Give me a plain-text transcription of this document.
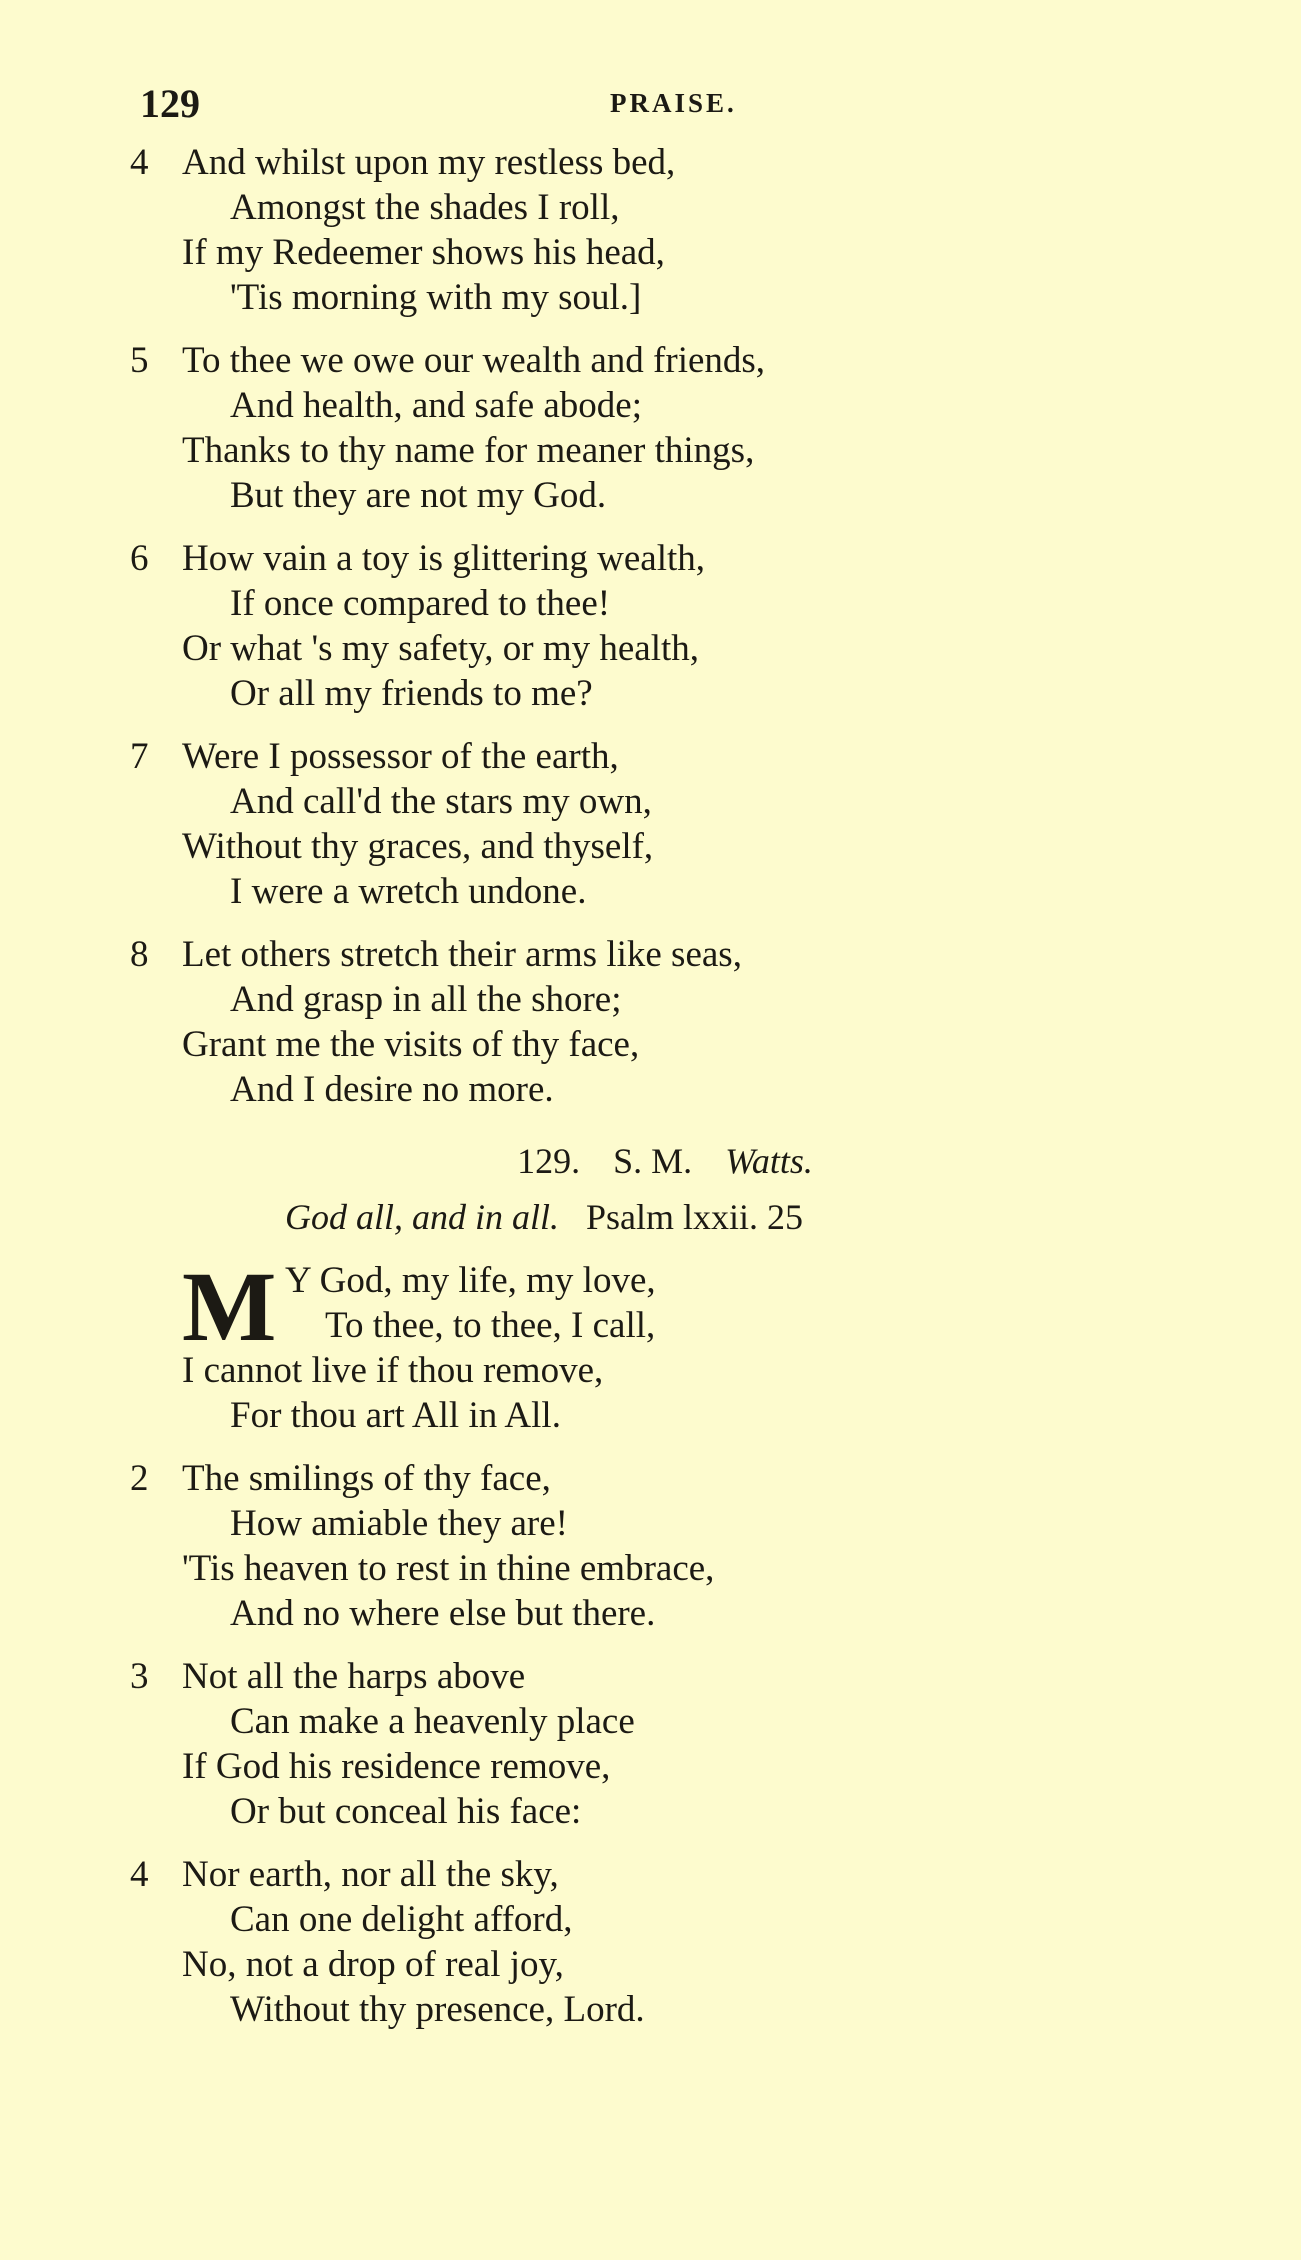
129	PRAISE.
4 And whilst upon my restless bed,
Amongst the shades I roll,
If my Redeemer shows his head,
'Tis morning with my soul.]
5 To thee we owe our wealth and friends,
And health, and safe abode;
Thanks to thy name for meaner things,
But they are not my God.
6 How vain a toy is glittering wealth,
If once compared to thee!
Or what 's my safety, or my health,
Or all my friends to me?
7 Were I possessor of the earth,
And call'd the stars my own,
Without thy graces, and thyself,
I were a wretch undone.
8 Let others stretch their arms like seas,
And grasp in all the shore;
Grant me the visits of thy face,
And I desire no more.
129. S. M. Watts.
God all, and in all. Psalm lxxii. 25
M Y God, my life, my love,
To thee, to thee, I call,
I cannot live if thou remove,
For thou art All in All.
2 The smilings of thy face,
How amiable they are!
'Tis heaven to rest in thine embrace,
And no where else but there.
3 Not all the harps above
Can make a heavenly place
If God his residence remove,
Or but conceal his face:
4 Nor earth, nor all the sky,
Can one delight afford,
No, not a drop of real joy,
Without thy presence, Lord.
